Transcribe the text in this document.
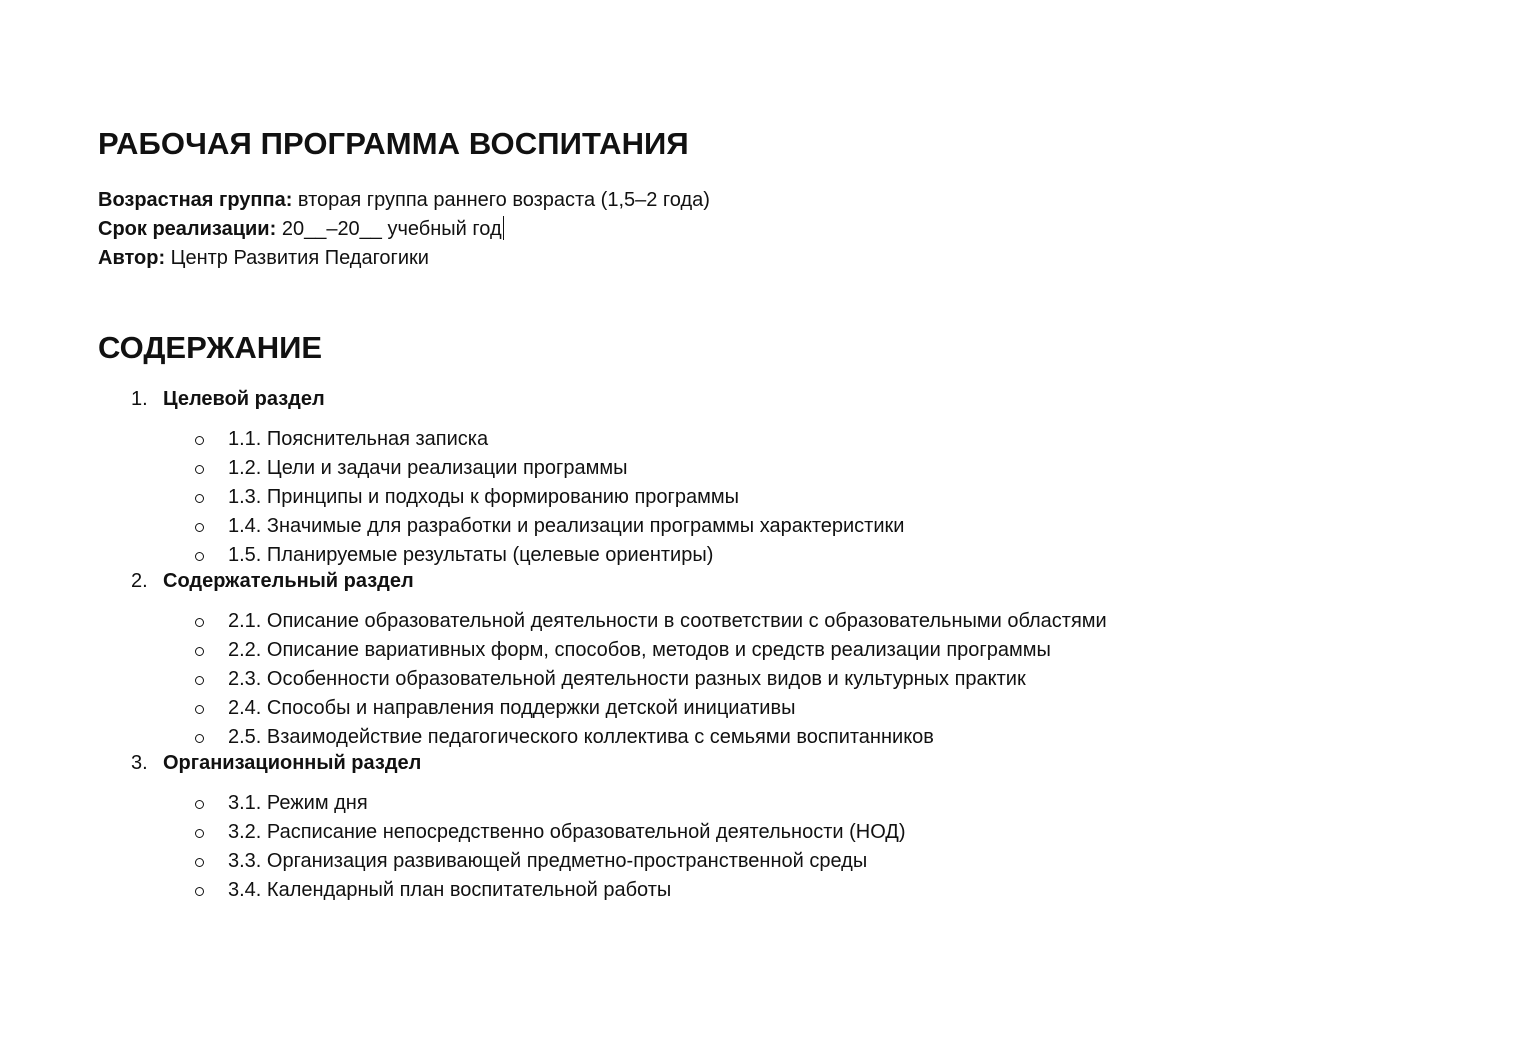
РАБОЧАЯ ПРОГРАММА ВОСПИТАНИЯ
Возрастная группа: вторая группа раннего возраста (1,5–2 года)
Срок реализации: 20__–20__ учебный год
Автор: Центр Развития Педагогики
СОДЕРЖАНИЕ
1. Целевой раздел
1.1. Пояснительная записка
1.2. Цели и задачи реализации программы
1.3. Принципы и подходы к формированию программы
1.4. Значимые для разработки и реализации программы характеристики
1.5. Планируемые результаты (целевые ориентиры)
2. Содержательный раздел
2.1. Описание образовательной деятельности в соответствии с образовательными областями
2.2. Описание вариативных форм, способов, методов и средств реализации программы
2.3. Особенности образовательной деятельности разных видов и культурных практик
2.4. Способы и направления поддержки детской инициативы
2.5. Взаимодействие педагогического коллектива с семьями воспитанников
3. Организационный раздел
3.1. Режим дня
3.2. Расписание непосредственно образовательной деятельности (НОД)
3.3. Организация развивающей предметно-пространственной среды
3.4. Календарный план воспитательной работы
